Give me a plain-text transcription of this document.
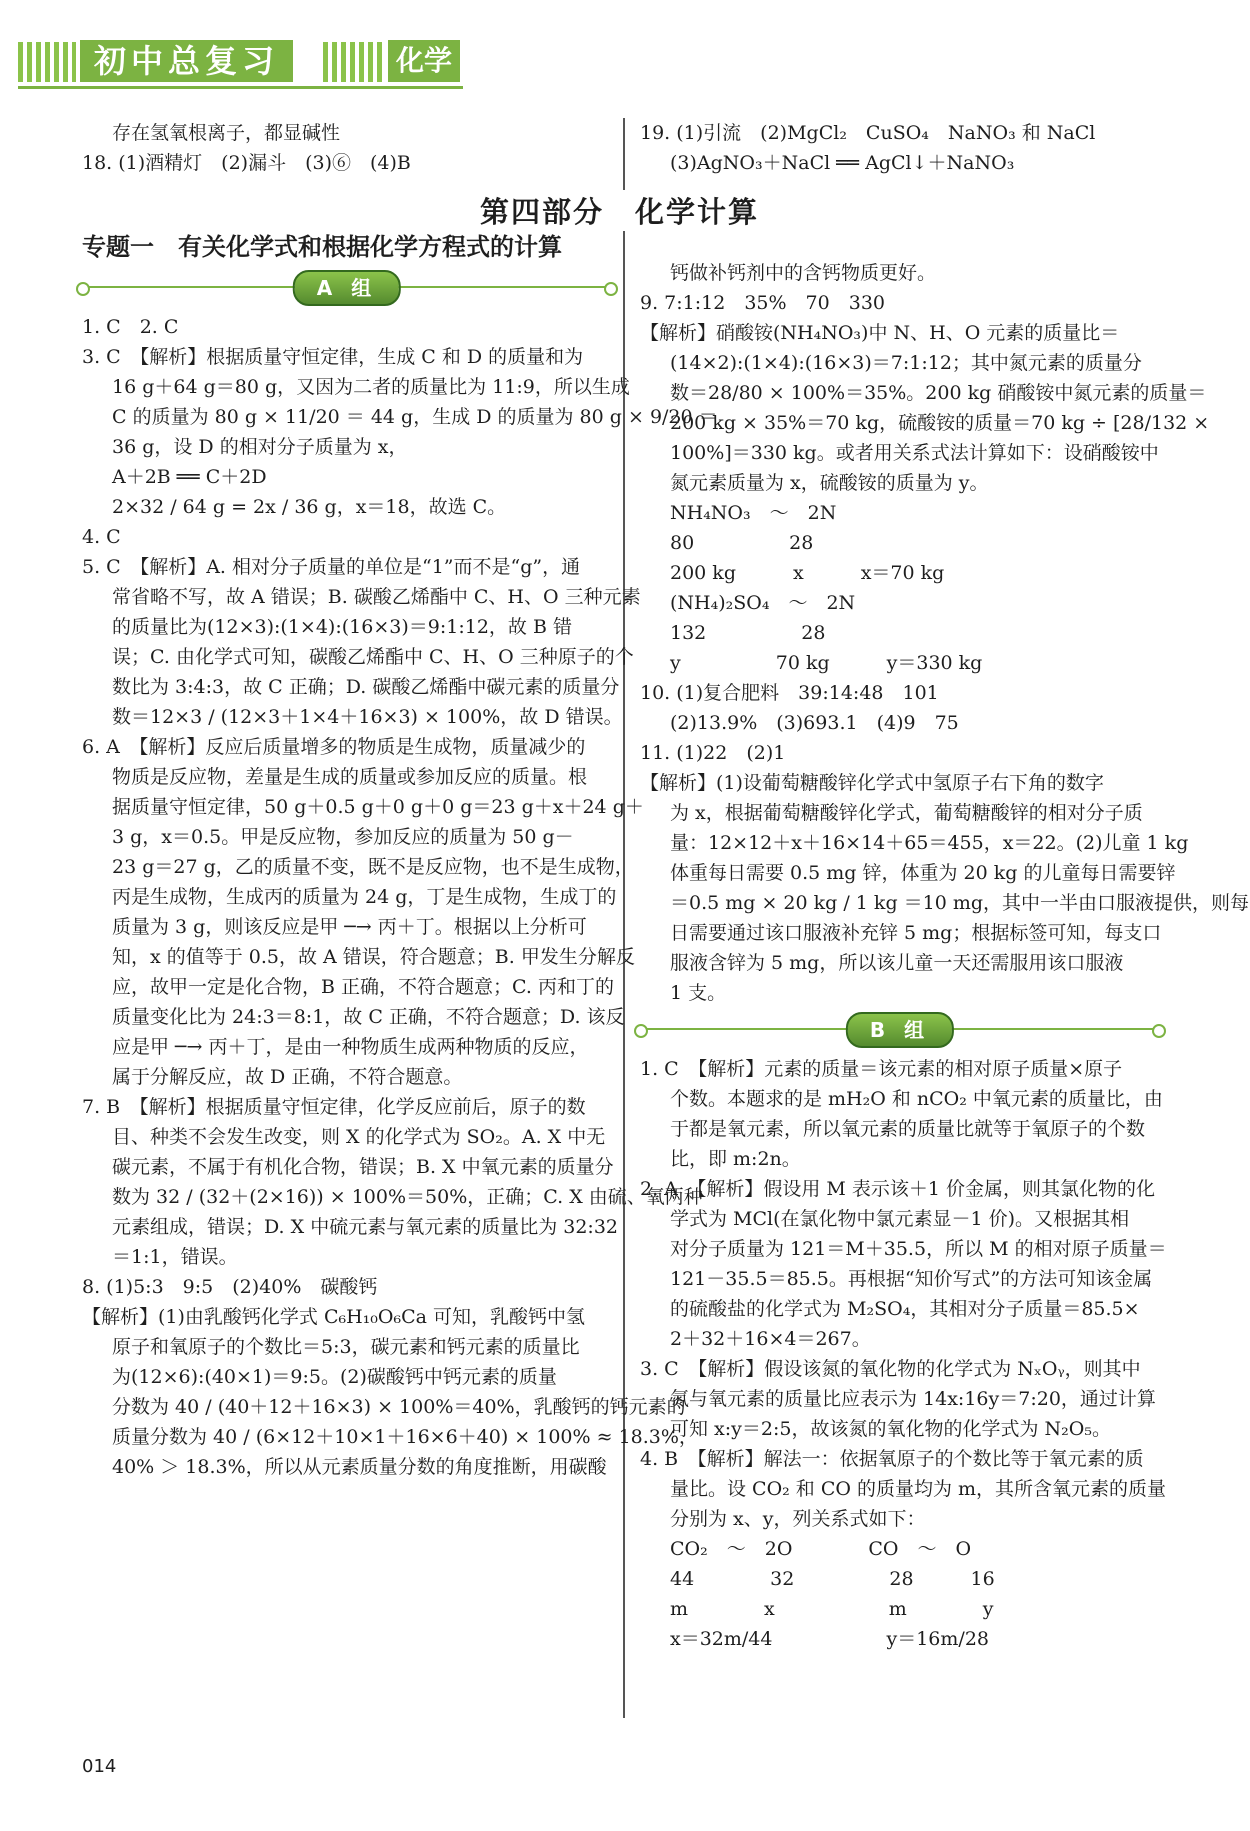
初中总复习	化学
存在氢氧根离子，都显碱性
18. (1)酒精灯　(2)漏斗　(3)⑥　(4)B
专题一　有关化学式和根据化学方程式的计算
A 组
1. C　2. C
3. C　【解析】根据质量守恒定律，生成 C 和 D 的质量和为
16 g＋64 g＝80 g，又因为二者的质量比为 11:9，所以生成
C 的质量为 80 g × 11/20 ＝ 44 g，生成 D 的质量为 80 g × 9/20 ＝
36 g，设 D 的相对分子质量为 x，
A＋2B ══ C＋2D
2×32 / 64 g = 2x / 36 g，x＝18，故选 C。
4. C
5. C　【解析】A. 相对分子质量的单位是“1”而不是“g”，通
常省略不写，故 A 错误；B. 碳酸乙烯酯中 C、H、O 三种元素
的质量比为(12×3):(1×4):(16×3)＝9:1:12，故 B 错
误；C. 由化学式可知，碳酸乙烯酯中 C、H、O 三种原子的个
数比为 3:4:3，故 C 正确；D. 碳酸乙烯酯中碳元素的质量分
数＝12×3 / (12×3＋1×4＋16×3) × 100%，故 D 错误。
6. A　【解析】反应后质量增多的物质是生成物，质量减少的
物质是反应物，差量是生成的质量或参加反应的质量。根
据质量守恒定律，50 g＋0.5 g＋0 g＋0 g＝23 g＋x＋24 g＋
3 g，x＝0.5。甲是反应物，参加反应的质量为 50 g－
23 g＝27 g，乙的质量不变，既不是反应物，也不是生成物，
丙是生成物，生成丙的质量为 24 g，丁是生成物，生成丁的
质量为 3 g，则该反应是甲 ─→ 丙＋丁。根据以上分析可
知，x 的值等于 0.5，故 A 错误，符合题意；B. 甲发生分解反
应，故甲一定是化合物，B 正确，不符合题意；C. 丙和丁的
质量变化比为 24:3＝8:1，故 C 正确，不符合题意；D. 该反
应是甲 ─→ 丙＋丁，是由一种物质生成两种物质的反应，
属于分解反应，故 D 正确，不符合题意。
7. B　【解析】根据质量守恒定律，化学反应前后，原子的数
目、种类不会发生改变，则 X 的化学式为 SO₂。A. X 中无
碳元素，不属于有机化合物，错误；B. X 中氧元素的质量分
数为 32 / (32＋(2×16)) × 100%＝50%，正确；C. X 由硫、氧两种
元素组成，错误；D. X 中硫元素与氧元素的质量比为 32:32
＝1:1，错误。
8. (1)5:3　9:5　(2)40%　碳酸钙
【解析】(1)由乳酸钙化学式 C₆H₁₀O₆Ca 可知，乳酸钙中氢
原子和氧原子的个数比＝5:3，碳元素和钙元素的质量比
为(12×6):(40×1)＝9:5。(2)碳酸钙中钙元素的质量
分数为 40 / (40＋12＋16×3) × 100%＝40%，乳酸钙的钙元素的
质量分数为 40 / (6×12＋10×1＋16×6＋40) × 100% ≈ 18.3%，
40% ＞ 18.3%，所以从元素质量分数的角度推断，用碳酸
第四部分　化学计算
19. (1)引流　(2)MgCl₂　CuSO₄　NaNO₃ 和 NaCl
(3)AgNO₃＋NaCl ══ AgCl↓＋NaNO₃
钙做补钙剂中的含钙物质更好。
9. 7:1:12　35%　70　330
【解析】硝酸铵(NH₄NO₃)中 N、H、O 元素的质量比＝
(14×2):(1×4):(16×3)＝7:1:12；其中氮元素的质量分
数＝28/80 × 100%＝35%。200 kg 硝酸铵中氮元素的质量＝
200 kg × 35%＝70 kg，硫酸铵的质量＝70 kg ÷ [28/132 ×
100%]＝330 kg。或者用关系式法计算如下：设硝酸铵中
氮元素质量为 x，硫酸铵的质量为 y。
NH₄NO₃　～　2N
80　　　　　28
200 kg　　　x　　　x＝70 kg
(NH₄)₂SO₄　～　2N
132　　　　　28
y　　　　　70 kg　　　y＝330 kg
10. (1)复合肥料　39:14:48　101
(2)13.9%　(3)693.1　(4)9　75
11. (1)22　(2)1
【解析】(1)设葡萄糖酸锌化学式中氢原子右下角的数字
为 x，根据葡萄糖酸锌化学式，葡萄糖酸锌的相对分子质
量：12×12＋x＋16×14＋65＝455，x＝22。(2)儿童 1 kg
体重每日需要 0.5 mg 锌，体重为 20 kg 的儿童每日需要锌
＝0.5 mg × 20 kg / 1 kg ＝10 mg，其中一半由口服液提供，则每
日需要通过该口服液补充锌 5 mg；根据标签可知，每支口
服液含锌为 5 mg，所以该儿童一天还需服用该口服液
1 支。
B 组
1. C　【解析】元素的质量＝该元素的相对原子质量×原子
个数。本题求的是 mH₂O 和 nCO₂ 中氧元素的质量比，由
于都是氧元素，所以氧元素的质量比就等于氧原子的个数
比，即 m:2n。
2. A　【解析】假设用 M 表示该＋1 价金属，则其氯化物的化
学式为 MCl(在氯化物中氯元素显－1 价)。又根据其相
对分子质量为 121＝M＋35.5，所以 M 的相对原子质量＝
121－35.5＝85.5。再根据“知价写式”的方法可知该金属
的硫酸盐的化学式为 M₂SO₄，其相对分子质量＝85.5×
2＋32＋16×4＝267。
3. C　【解析】假设该氮的氧化物的化学式为 NₓOᵧ，则其中
氮与氧元素的质量比应表示为 14x:16y＝7:20，通过计算
可知 x:y＝2:5，故该氮的氧化物的化学式为 N₂O₅。
4. B　【解析】解法一：依据氧原子的个数比等于氧元素的质
量比。设 CO₂ 和 CO 的质量均为 m，其所含氧元素的质量
分别为 x、y，列关系式如下：
CO₂　～　2O　　　　CO　～　O
44　　　　32　　　　　28　　　16
m　　　　x　　　　　　m　　　　y
x＝32m/44　　　　　　y＝16m/28
014
